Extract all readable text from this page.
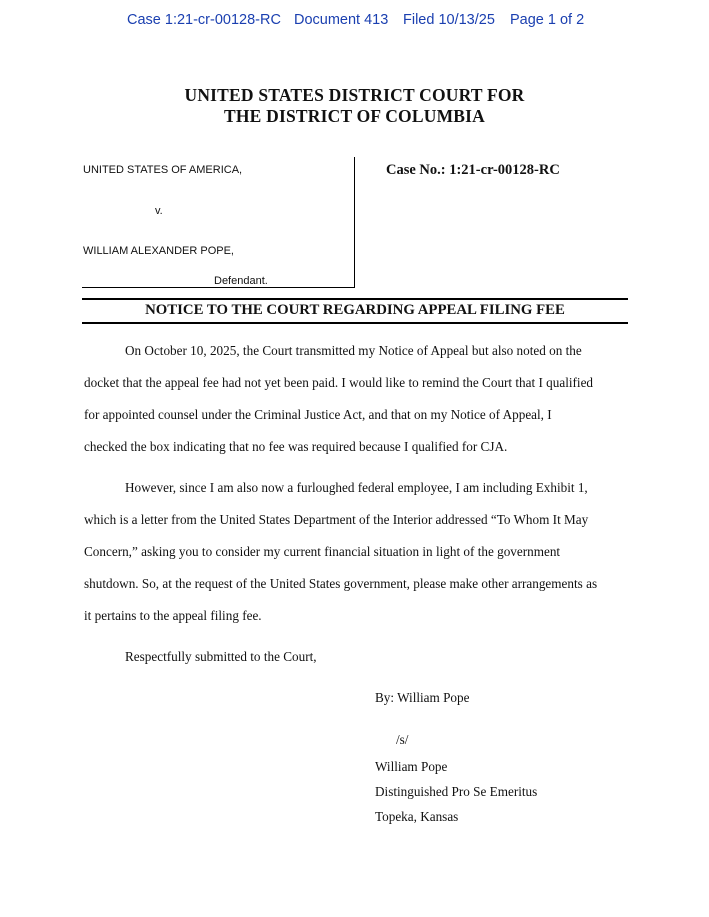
Case 1:21-cr-00128-RC Document 413 Filed 10/13/25 Page 1 of 2
UNITED STATES DISTRICT COURT FOR
THE DISTRICT OF COLUMBIA
UNITED STATES OF AMERICA,
v.
WILLIAM ALEXANDER POPE,
Defendant.
Case No.: 1:21-cr-00128-RC
NOTICE TO THE COURT REGARDING APPEAL FILING FEE
On October 10, 2025, the Court transmitted my Notice of Appeal but also noted on the
docket that the appeal fee had not yet been paid. I would like to remind the Court that I qualified
for appointed counsel under the Criminal Justice Act, and that on my Notice of Appeal, I
checked the box indicating that no fee was required because I qualified for CJA.
However, since I am also now a furloughed federal employee, I am including Exhibit 1,
which is a letter from the United States Department of the Interior addressed “To Whom It May
Concern,” asking you to consider my current financial situation in light of the government
shutdown. So, at the request of the United States government, please make other arrangements as
it pertains to the appeal filing fee.
Respectfully submitted to the Court,
By: William Pope
/s/
William Pope
Distinguished Pro Se Emeritus
Topeka, Kansas
